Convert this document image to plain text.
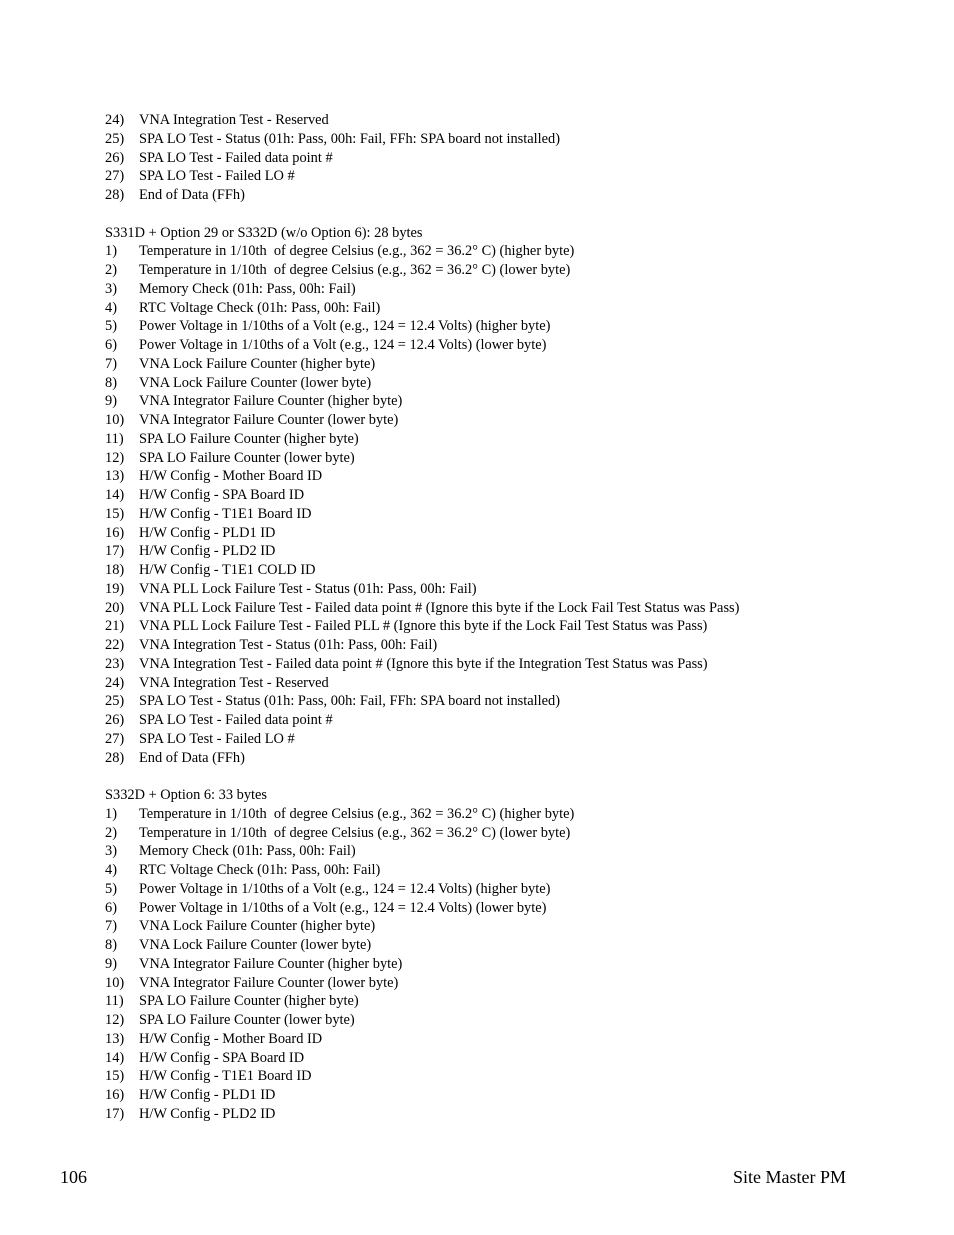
24)	VNA Integration Test - Reserved
25)	SPA LO Test - Status (01h: Pass, 00h: Fail, FFh: SPA board not installed)
26)	SPA LO Test - Failed data point #
27)	SPA LO Test - Failed LO #
28)	End of Data (FFh)
S331D + Option 29 or S332D (w/o Option 6): 28 bytes
1)	Temperature in 1/10th  of degree Celsius (e.g., 362 = 36.2° C) (higher byte)
2)	Temperature in 1/10th  of degree Celsius (e.g., 362 = 36.2° C) (lower byte)
3)	Memory Check (01h: Pass, 00h: Fail)
4)	RTC Voltage Check (01h: Pass, 00h: Fail)
5)	Power Voltage in 1/10ths of a Volt (e.g., 124 = 12.4 Volts) (higher byte)
6)	Power Voltage in 1/10ths of a Volt (e.g., 124 = 12.4 Volts) (lower byte)
7)	VNA Lock Failure Counter (higher byte)
8)	VNA Lock Failure Counter (lower byte)
9)	VNA Integrator Failure Counter (higher byte)
10)	VNA Integrator Failure Counter (lower byte)
11)	SPA LO Failure Counter (higher byte)
12)	SPA LO Failure Counter (lower byte)
13)	H/W Config - Mother Board ID
14)	H/W Config - SPA Board ID
15)	H/W Config - T1E1 Board ID
16)	H/W Config - PLD1 ID
17)	H/W Config - PLD2 ID
18)	H/W Config - T1E1 COLD ID
19)	VNA PLL Lock Failure Test - Status (01h: Pass, 00h: Fail)
20)	VNA PLL Lock Failure Test - Failed data point # (Ignore this byte if the Lock Fail Test Status was Pass)
21)	VNA PLL Lock Failure Test - Failed PLL # (Ignore this byte if the Lock Fail Test Status was Pass)
22)	VNA Integration Test - Status (01h: Pass, 00h: Fail)
23)	VNA Integration Test - Failed data point # (Ignore this byte if the Integration Test Status was Pass)
24)	VNA Integration Test - Reserved
25)	SPA LO Test - Status (01h: Pass, 00h: Fail, FFh: SPA board not installed)
26)	SPA LO Test - Failed data point #
27)	SPA LO Test - Failed LO #
28)	End of Data (FFh)
S332D + Option 6: 33 bytes
1)	Temperature in 1/10th  of degree Celsius (e.g., 362 = 36.2° C) (higher byte)
2)	Temperature in 1/10th  of degree Celsius (e.g., 362 = 36.2° C) (lower byte)
3)	Memory Check (01h: Pass, 00h: Fail)
4)	RTC Voltage Check (01h: Pass, 00h: Fail)
5)	Power Voltage in 1/10ths of a Volt (e.g., 124 = 12.4 Volts) (higher byte)
6)	Power Voltage in 1/10ths of a Volt (e.g., 124 = 12.4 Volts) (lower byte)
7)	VNA Lock Failure Counter (higher byte)
8)	VNA Lock Failure Counter (lower byte)
9)	VNA Integrator Failure Counter (higher byte)
10)	VNA Integrator Failure Counter (lower byte)
11)	SPA LO Failure Counter (higher byte)
12)	SPA LO Failure Counter (lower byte)
13)	H/W Config - Mother Board ID
14)	H/W Config - SPA Board ID
15)	H/W Config - T1E1 Board ID
16)	H/W Config - PLD1 ID
17)	H/W Config - PLD2 ID
106	Site Master PM
